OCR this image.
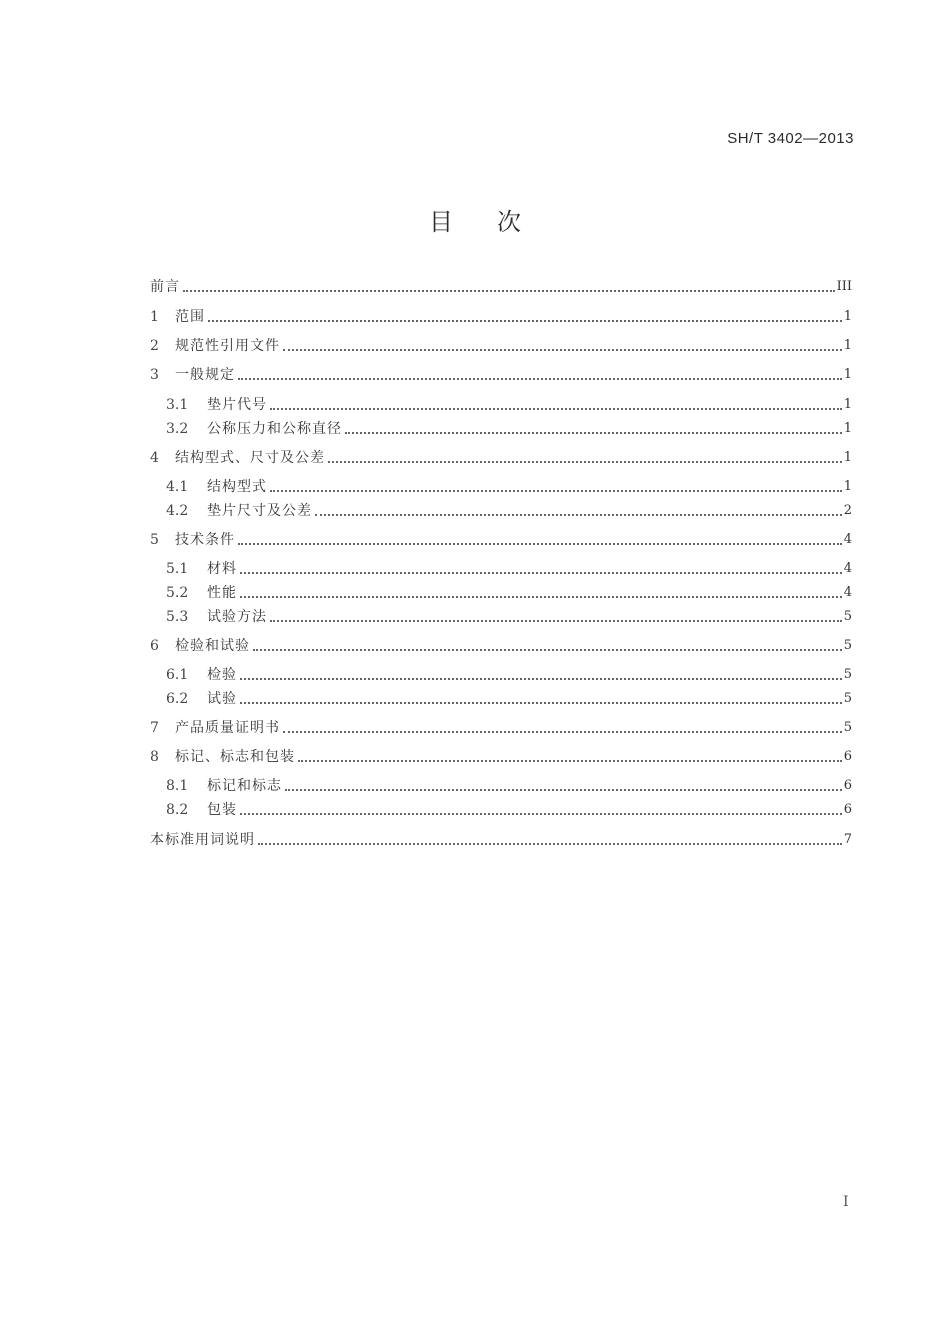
SH/T 3402—2013
目 次
前言	III
1	范围	1
2	规范性引用文件	1
3	一般规定	1
3.1	垫片代号	1
3.2	公称压力和公称直径	1
4	结构型式、尺寸及公差	1
4.1	结构型式	1
4.2	垫片尺寸及公差	2
5	技术条件	4
5.1	材料	4
5.2	性能	4
5.3	试验方法	5
6	检验和试验	5
6.1	检验	5
6.2	试验	5
7	产品质量证明书	5
8	标记、标志和包装	6
8.1	标记和标志	6
8.2	包装	6
本标准用词说明	7
I
